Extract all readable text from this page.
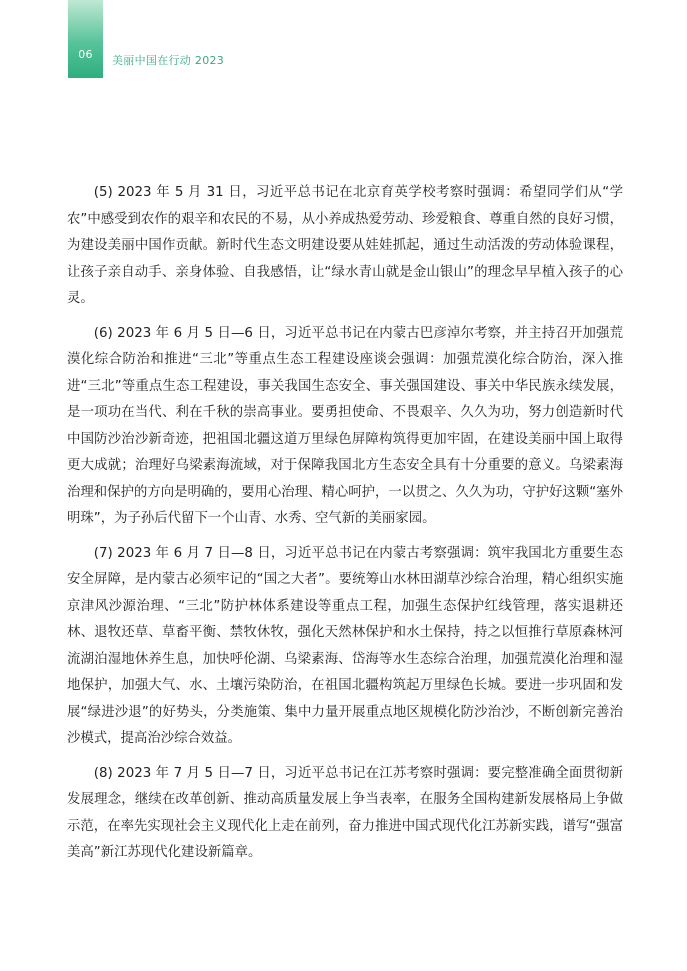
06	美丽中国在行动 2023

(5) 2023 年 5 月 31 日，习近平总书记在北京育英学校考察时强调：希望同学们从“学农”中感受到农作的艰辛和农民的不易，从小养成热爱劳动、珍爱粮食、尊重自然的良好习惯，为建设美丽中国作贡献。新时代生态文明建设要从娃娃抓起，通过生动活泼的劳动体验课程，让孩子亲自动手、亲身体验、自我感悟，让“绿水青山就是金山银山”的理念早早植入孩子的心灵。

(6) 2023 年 6 月 5 日—6 日，习近平总书记在内蒙古巴彦淖尔考察，并主持召开加强荒漠化综合防治和推进“三北”等重点生态工程建设座谈会强调：加强荒漠化综合防治，深入推进“三北”等重点生态工程建设，事关我国生态安全、事关强国建设、事关中华民族永续发展，是一项功在当代、利在千秋的崇高事业。要勇担使命、不畏艰辛、久久为功，努力创造新时代中国防沙治沙新奇迹，把祖国北疆这道万里绿色屏障构筑得更加牢固，在建设美丽中国上取得更大成就；治理好乌梁素海流域，对于保障我国北方生态安全具有十分重要的意义。乌梁素海治理和保护的方向是明确的，要用心治理、精心呵护，一以贯之、久久为功，守护好这颗“塞外明珠”，为子孙后代留下一个山青、水秀、空气新的美丽家园。

(7) 2023 年 6 月 7 日—8 日，习近平总书记在内蒙古考察强调：筑牢我国北方重要生态安全屏障，是内蒙古必须牢记的“国之大者”。要统筹山水林田湖草沙综合治理，精心组织实施京津风沙源治理、“三北”防护林体系建设等重点工程，加强生态保护红线管理，落实退耕还林、退牧还草、草畜平衡、禁牧休牧，强化天然林保护和水土保持，持之以恒推行草原森林河流湖泊湿地休养生息，加快呼伦湖、乌梁素海、岱海等水生态综合治理，加强荒漠化治理和湿地保护，加强大气、水、土壤污染防治，在祖国北疆构筑起万里绿色长城。要进一步巩固和发展“绿进沙退”的好势头，分类施策、集中力量开展重点地区规模化防沙治沙，不断创新完善治沙模式，提高治沙综合效益。

(8) 2023 年 7 月 5 日—7 日，习近平总书记在江苏考察时强调：要完整准确全面贯彻新发展理念，继续在改革创新、推动高质量发展上争当表率，在服务全国构建新发展格局上争做示范，在率先实现社会主义现代化上走在前列，奋力推进中国式现代化江苏新实践，谱写“强富美高”新江苏现代化建设新篇章。
